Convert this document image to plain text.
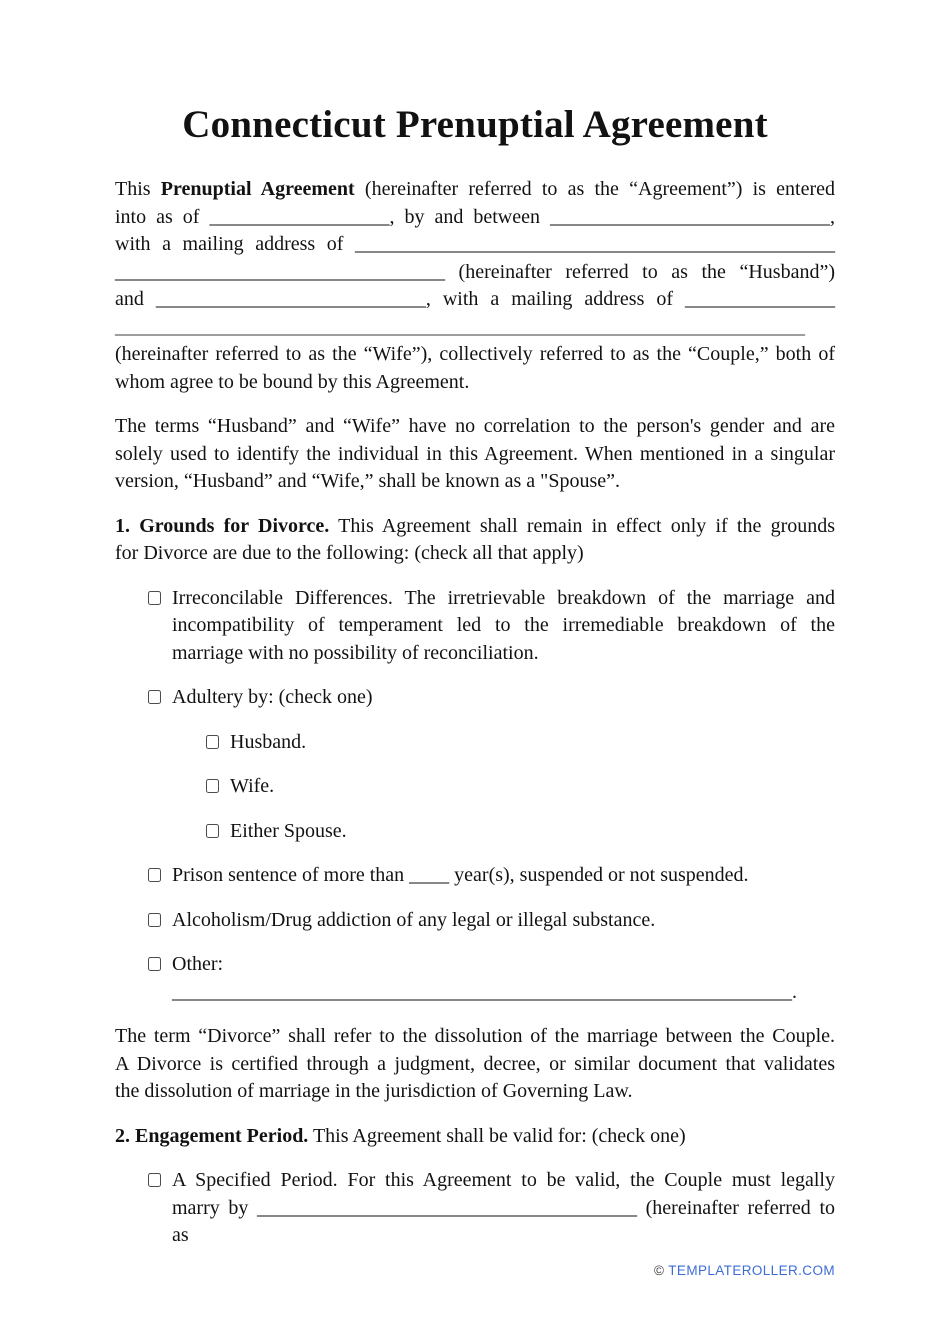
Connecticut Prenuptial Agreement
This Prenuptial Agreement (hereinafter referred to as the “Agreement”) is entered
into as of __________________, by and between ____________________________,
with a mailing address of ________________________________________________
_________________________________ (hereinafter referred to as the “Husband”)
and ___________________________, with a mailing address of _______________
_____________________________________________________________________
(hereinafter referred to as the “Wife”), collectively referred to as the “Couple,” both of
whom agree to be bound by this Agreement.
The terms “Husband” and “Wife” have no correlation to the person's gender and are
solely used to identify the individual in this Agreement. When mentioned in a singular
version, “Husband” and “Wife,” shall be known as a "Spouse”.
1. Grounds for Divorce. This Agreement shall remain in effect only if the grounds
for Divorce are due to the following: (check all that apply)
Irreconcilable Differences. The irretrievable breakdown of the marriage and
incompatibility of temperament led to the irremediable breakdown of the
marriage with no possibility of reconciliation.
Adultery by: (check one)
Husband.
Wife.
Either Spouse.
Prison sentence of more than ____ year(s), suspended or not suspended.
Alcoholism/Drug addiction of any legal or illegal substance.
Other: ______________________________________________________________.
The term “Divorce” shall refer to the dissolution of the marriage between the Couple.
A Divorce is certified through a judgment, decree, or similar document that validates
the dissolution of marriage in the jurisdiction of Governing Law.
2. Engagement Period. This Agreement shall be valid for: (check one)
A Specified Period. For this Agreement to be valid, the Couple must legally
marry by ______________________________________ (hereinafter referred to as
© TEMPLATEROLLER.COM
